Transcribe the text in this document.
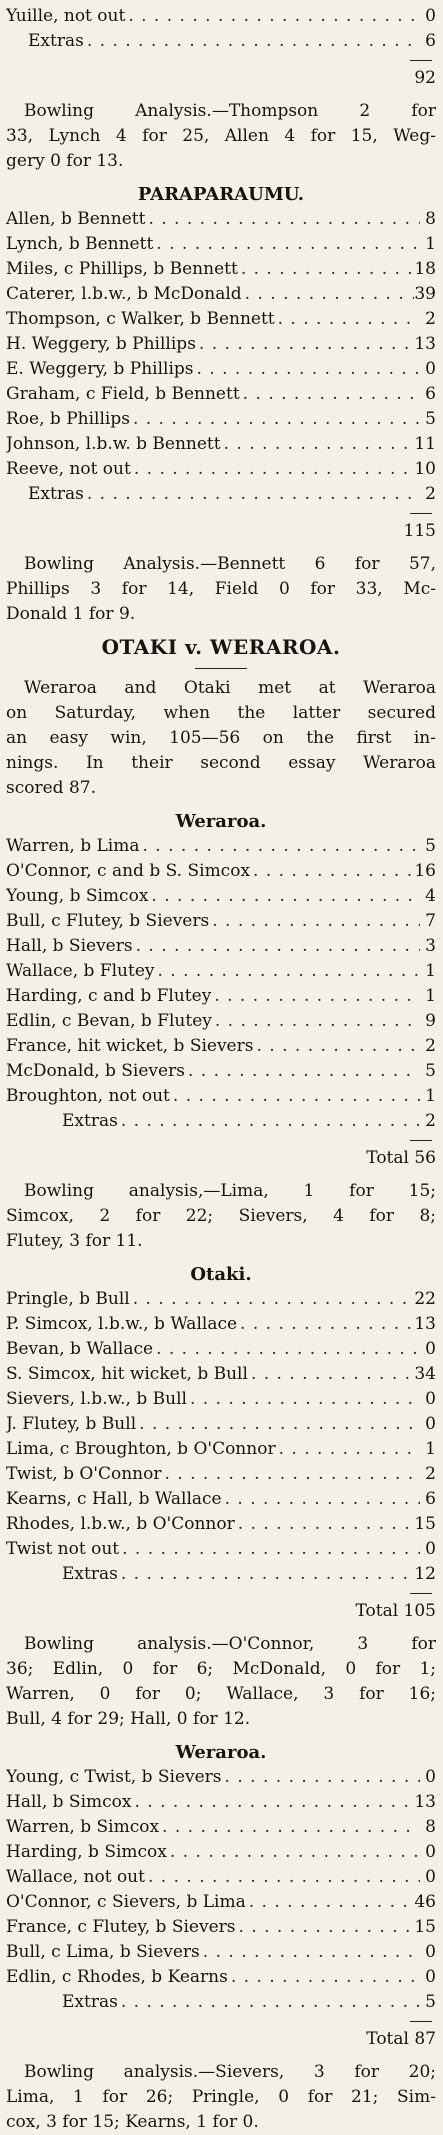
Yuille, not out . . .	0
Extras . . .	6
92
Bowling Analysis.—Thompson 2 for
33, Lynch 4 for 25, Allen 4 for 15, Weg-
gery 0 for 13.
PARAPARAUMU.
Allen, b Bennett . . .	8
Lynch, b Bennett . . .	1
Miles, c Phillips, b Bennett . . .	18
Caterer, l.b.w., b McDonald . . .	39
Thompson, c Walker, b Bennett . . .	2
H. Weggery, b Phillips . . .	13
E. Weggery, b Phillips . . .	0
Graham, c Field, b Bennett . . .	6
Roe, b Phillips . . .	5
Johnson, l.b.w. b Bennett . . .	11
Reeve, not out . . .	10
Extras . . .	2
115
Bowling Analysis.—Bennett 6 for 57,
Phillips 3 for 14, Field 0 for 33, Mc-
Donald 1 for 9.
OTAKI v. WERAROA.
Weraroa and Otaki met at Weraroa
on Saturday, when the latter secured
an easy win, 105—56 on the first in-
nings. In their second essay Weraroa
scored 87.
Weraroa.
Warren, b Lima . . .	5
O'Connor, c and b S. Simcox . . .	16
Young, b Simcox . . .	4
Bull, c Flutey, b Sievers . . .	7
Hall, b Sievers . . .	3
Wallace, b Flutey . . .	1
Harding, c and b Flutey . . .	1
Edlin, c Bevan, b Flutey . . .	9
France, hit wicket, b Sievers . . .	2
McDonald, b Sievers . . .	5
Broughton, not out . . .	1
Extras . . .	2
Total 56
Bowling analysis,—Lima, 1 for 15;
Simcox, 2 for 22; Sievers, 4 for 8;
Flutey, 3 for 11.
Otaki.
Pringle, b Bull . . .	22
P. Simcox, l.b.w., b Wallace . . .	13
Bevan, b Wallace . . .	0
S. Simcox, hit wicket, b Bull . . .	34
Sievers, l.b.w., b Bull . . .	0
J. Flutey, b Bull . . .	0
Lima, c Broughton, b O'Connor . . .	1
Twist, b O'Connor . . .	2
Kearns, c Hall, b Wallace . . .	6
Rhodes, l.b.w., b O'Connor . . .	15
Twist not out . . .	0
Extras . . .	12
Total 105
Bowling analysis.—O'Connor, 3 for
36; Edlin, 0 for 6; McDonald, 0 for 1;
Warren, 0 for 0; Wallace, 3 for 16;
Bull, 4 for 29; Hall, 0 for 12.
Weraroa.
Young, c Twist, b Sievers . . .	0
Hall, b Simcox . . .	13
Warren, b Simcox . . .	8
Harding, b Simcox . . .	0
Wallace, not out . . .	0
O'Connor, c Sievers, b Lima . . .	46
France, c Flutey, b Sievers . . .	15
Bull, c Lima, b Sievers . . .	0
Edlin, c Rhodes, b Kearns . . .	0
Extras . . .	5
Total 87
Bowling analysis.—Sievers, 3 for 20;
Lima, 1 for 26; Pringle, 0 for 21; Sim-
cox, 3 for 15; Kearns, 1 for 0.
